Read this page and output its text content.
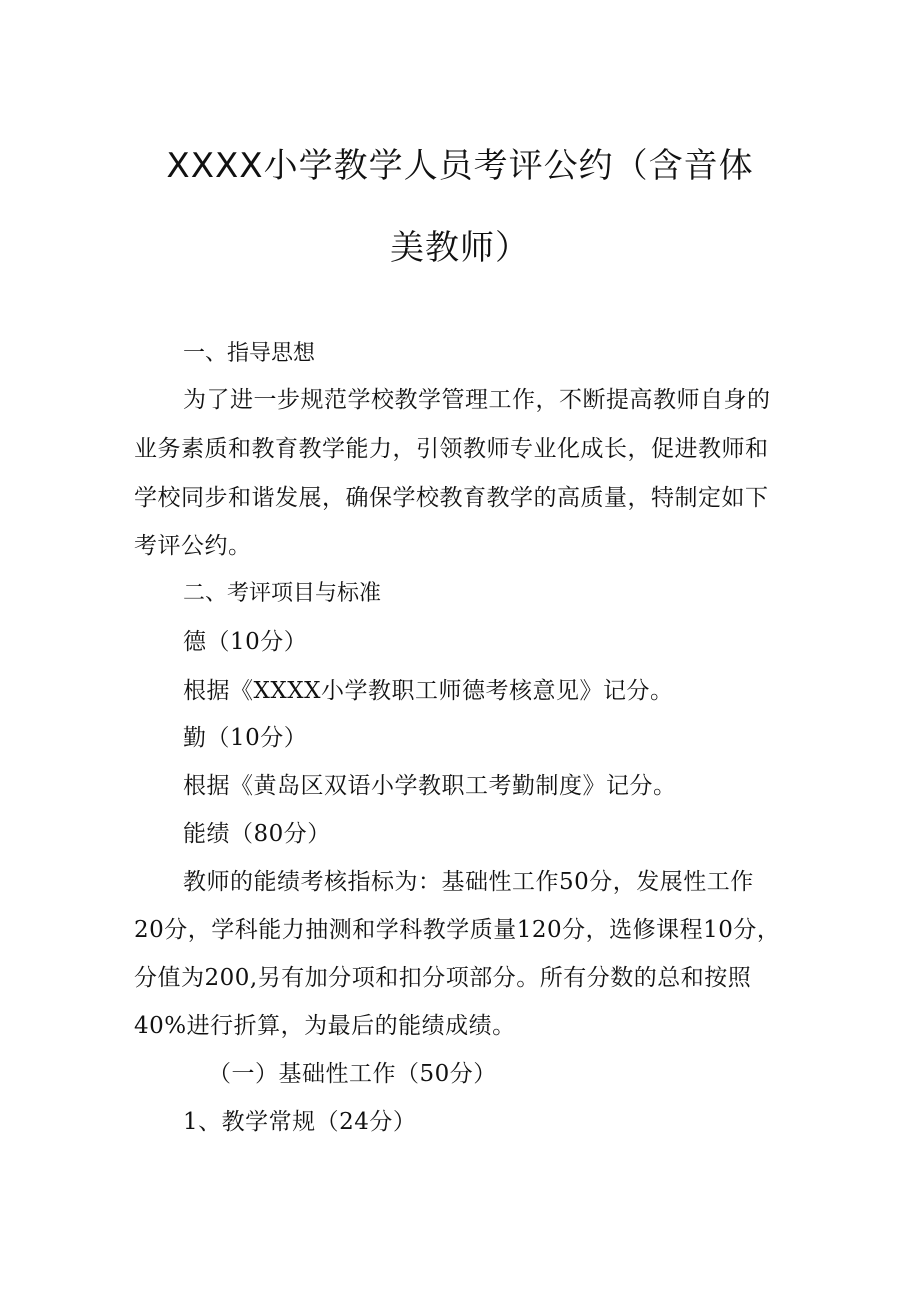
XXXX小学教学人员考评公约（含音体
美教师）
一、指导思想
为了进一步规范学校教学管理工作，不断提高教师自身的
业务素质和教育教学能力，引领教师专业化成长，促进教师和
学校同步和谐发展，确保学校教育教学的高质量，特制定如下
考评公约。
二、考评项目与标准
德（10分）
根据《XXXX小学教职工师德考核意见》记分。
勤（10分）
根据《黄岛区双语小学教职工考勤制度》记分。
能绩（80分）
教师的能绩考核指标为：基础性工作50分，发展性工作
20分，学科能力抽测和学科教学质量120分，选修课程10分，
分值为200,另有加分项和扣分项部分。所有分数的总和按照
40%进行折算，为最后的能绩成绩。
（一）基础性工作（50分）
1、教学常规（24分）
